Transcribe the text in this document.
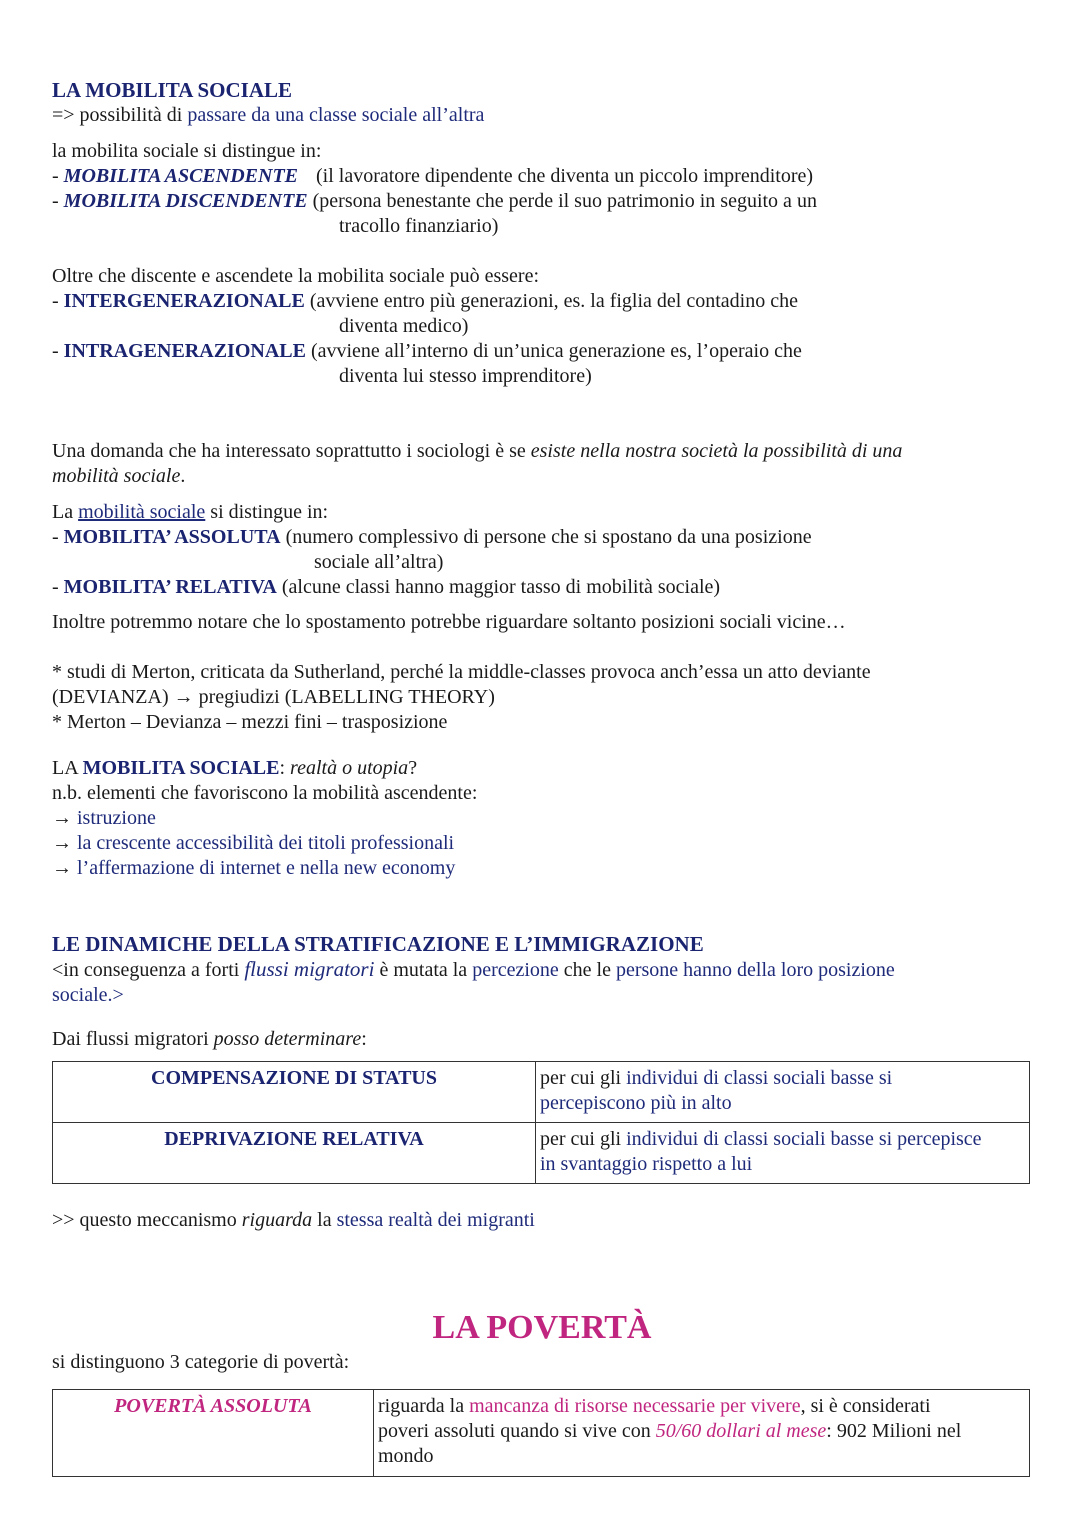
LA MOBILITA SOCIALE
=> possibilità di passare da una classe sociale all’altra
la mobilita sociale si distingue in:
- MOBILITA ASCENDENTE (il lavoratore dipendente che diventa un piccolo imprenditore)
- MOBILITA DISCENDENTE (persona benestante che perde il suo patrimonio in seguito a un
tracollo finanziario)
Oltre che discente e ascendete la mobilita sociale può essere:
- INTERGENERAZIONALE (avviene entro più generazioni, es. la figlia del contadino che
diventa medico)
- INTRAGENERAZIONALE (avviene all’interno di un’unica generazione es, l’operaio che
diventa lui stesso imprenditore)
Una domanda che ha interessato soprattutto i sociologi è se esiste nella nostra società la possibilità di una
mobilità sociale.
La mobilità sociale si distingue in:
- MOBILITA’ ASSOLUTA (numero complessivo di persone che si spostano da una posizione
sociale all’altra)
- MOBILITA’ RELATIVA (alcune classi hanno maggior tasso di mobilità sociale)
Inoltre potremmo notare che lo spostamento potrebbe riguardare soltanto posizioni sociali vicine…
* studi di Merton, criticata da Sutherland, perché la middle-classes provoca anch’essa un atto deviante
(DEVIANZA) → pregiudizi (LABELLING THEORY)
* Merton – Devianza – mezzi fini – trasposizione
LA MOBILITA SOCIALE: realtà o utopia?
n.b. elementi che favoriscono la mobilità ascendente:
→ istruzione
→ la crescente accessibilità dei titoli professionali
→ l’affermazione di internet e nella new economy
LE DINAMICHE DELLA STRATIFICAZIONE E L’IMMIGRAZIONE
<in conseguenza a forti flussi migratori è mutata la percezione che le persone hanno della loro posizione
sociale.>
Dai flussi migratori posso determinare:
COMPENSAZIONE DI STATUS	per cui gli individui di classi sociali basse si
percepiscono più in alto
DEPRIVAZIONE RELATIVA	per cui gli individui di classi sociali basse si percepisce
in svantaggio rispetto a lui
>> questo meccanismo riguarda la stessa realtà dei migranti
LA POVERTÀ
si distinguono 3 categorie di povertà:
POVERTÀ ASSOLUTA	riguarda la mancanza di risorse necessarie per vivere, si è considerati
poveri assoluti quando si vive con 50/60 dollari al mese: 902 Milioni nel
mondo
